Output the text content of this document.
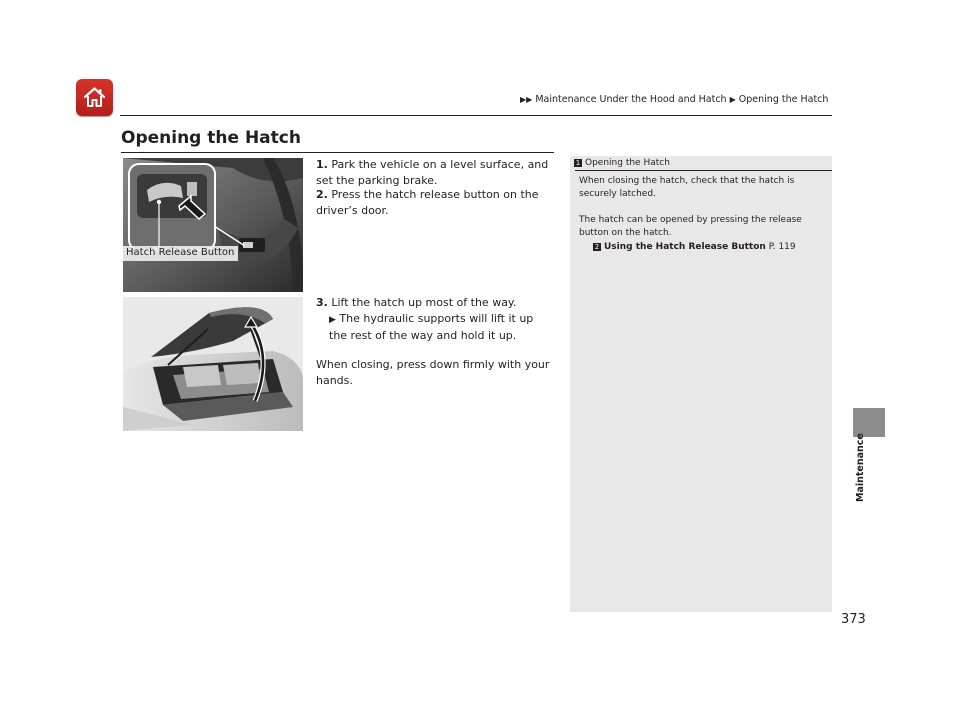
▶▶ Maintenance Under the Hood and Hatch ▶ Opening the Hatch
Opening the Hatch
Hatch Release Button
1. Park the vehicle on a level surface, and set the parking brake.
2. Press the hatch release button on the driver’s door.
3. Lift the hatch up most of the way.
▶ The hydraulic supports will lift it up the rest of the way and hold it up.
When closing, press down firmly with your hands.
1 Opening the Hatch
When closing the hatch, check that the hatch is securely latched.
The hatch can be opened by pressing the release button on the hatch.
2 Using the Hatch Release Button P. 119
Maintenance
373
